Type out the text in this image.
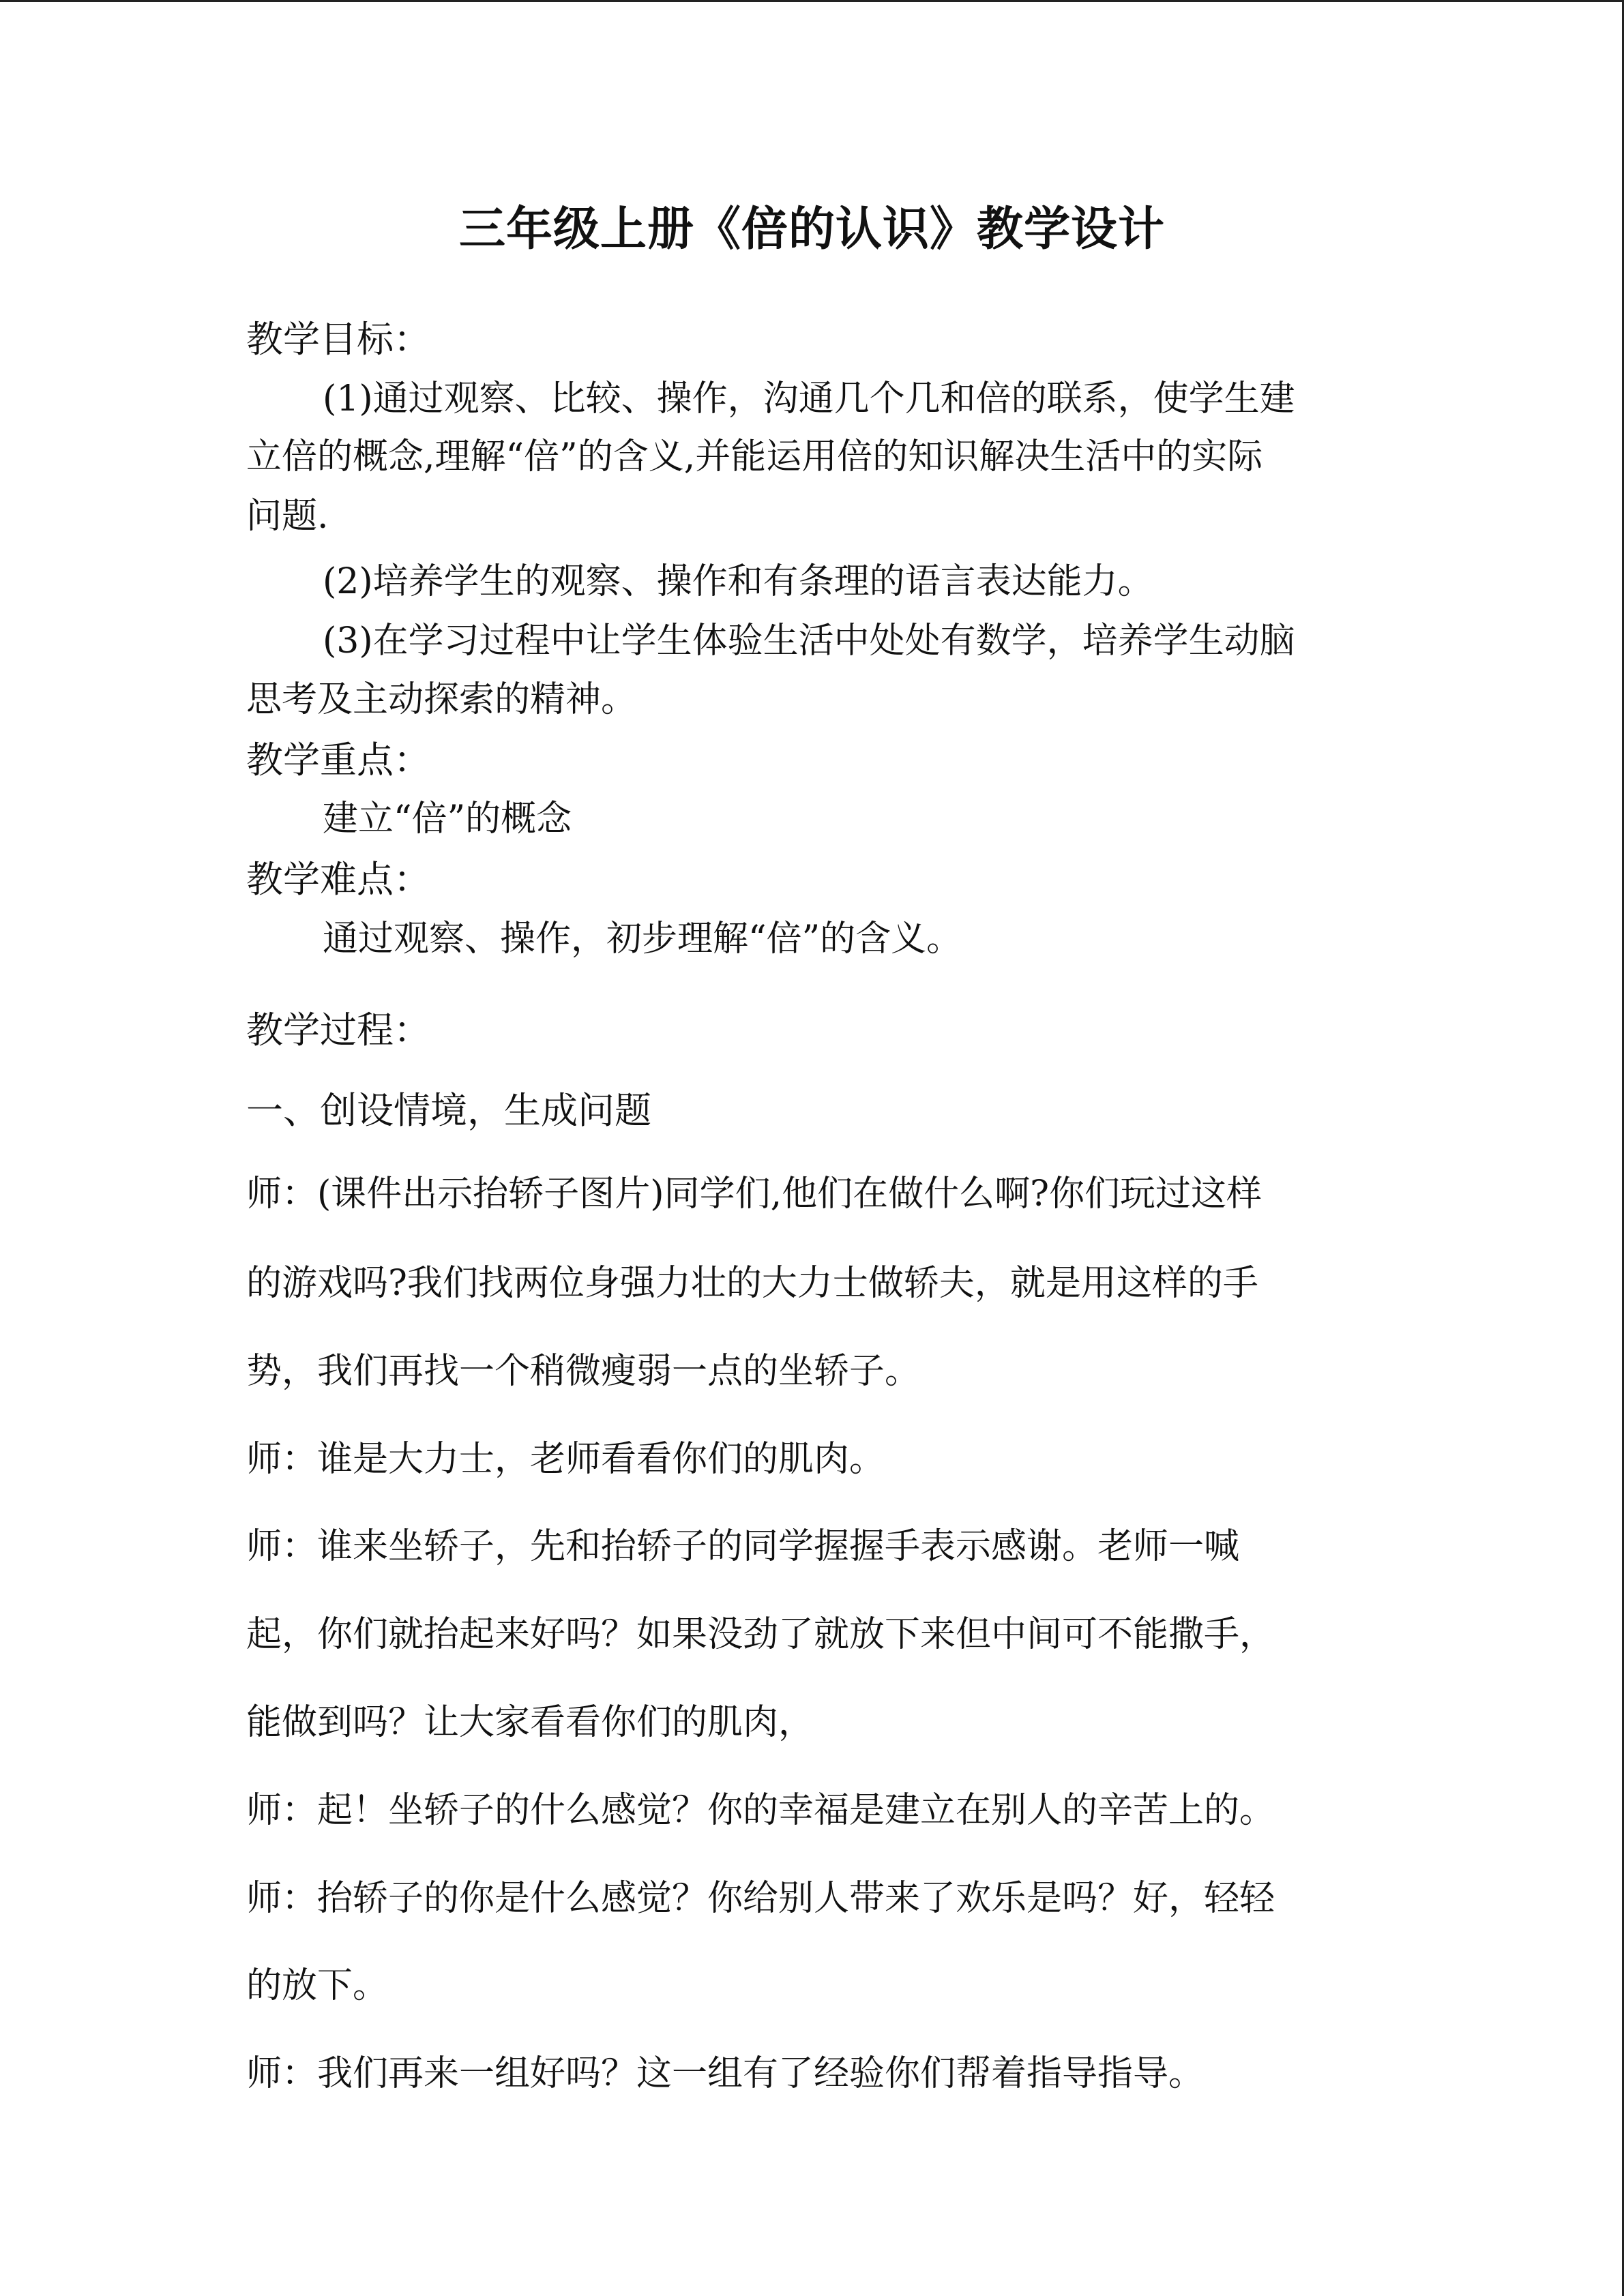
三年级上册《倍的认识》教学设计
教学目标：
(1)通过观察、比较、操作，沟通几个几和倍的联系，使学生建
立倍的概念,理解“倍”的含义,并能运用倍的知识解决生活中的实际
问题.
(2)培养学生的观察、操作和有条理的语言表达能力。
(3)在学习过程中让学生体验生活中处处有数学，培养学生动脑
思考及主动探索的精神。
教学重点：
建立“倍”的概念
教学难点：
通过观察、操作，初步理解“倍”的含义。
教学过程：
一、创设情境，生成问题
师：(课件出示抬轿子图片)同学们,他们在做什么啊?你们玩过这样
的游戏吗?我们找两位身强力壮的大力士做轿夫，就是用这样的手
势，我们再找一个稍微瘦弱一点的坐轿子。
师：谁是大力士，老师看看你们的肌肉。
师：谁来坐轿子，先和抬轿子的同学握握手表示感谢。老师一喊
起，你们就抬起来好吗？如果没劲了就放下来但中间可不能撒手，
能做到吗？让大家看看你们的肌肉，
师：起！坐轿子的什么感觉？你的幸福是建立在别人的辛苦上的。
师：抬轿子的你是什么感觉？你给别人带来了欢乐是吗？好，轻轻
的放下。
师：我们再来一组好吗？这一组有了经验你们帮着指导指导。
